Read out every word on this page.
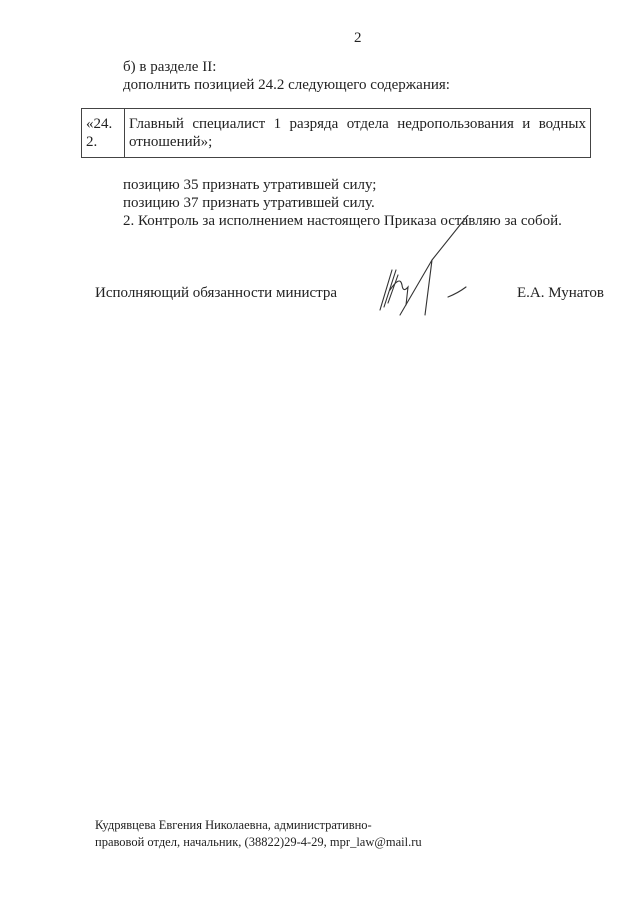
2
б) в разделе II:
дополнить позицией 24.2 следующего содержания:
«24.
2.
	Главный специалист 1 разряда отдела недропользования и водных отношений»;
позицию 35 признать утратившей силу;
позицию 37 признать утратившей силу.
2. Контроль за исполнением настоящего Приказа оставляю за собой.
Исполняющий обязанности министра	Е.А. Мунатов
Кудрявцева Евгения Николаевна, административно-
правовой отдел, начальник, (38822)29-4-29, mpr_law@mail.ru
